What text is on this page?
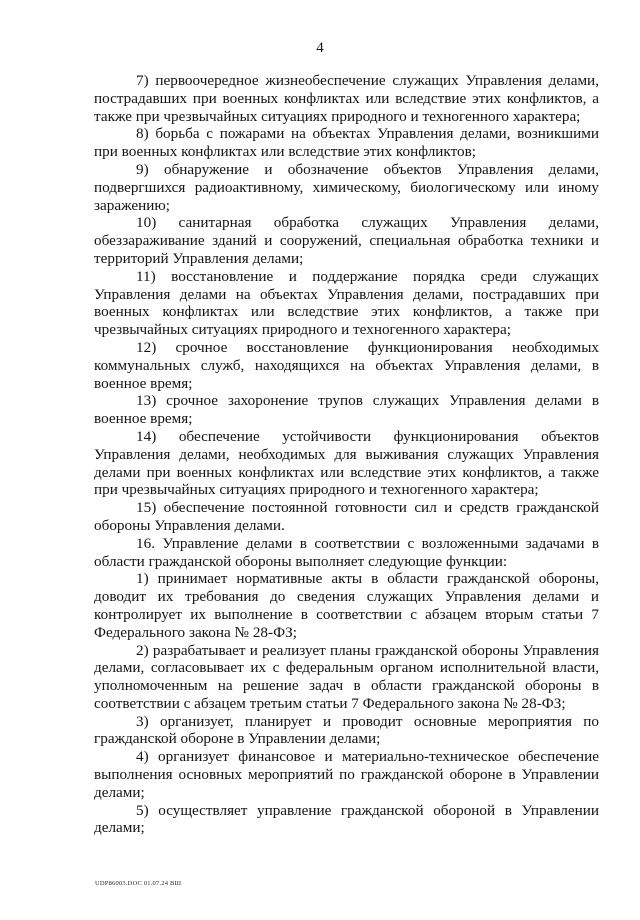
4

7) первоочередное жизнеобеспечение служащих Управления делами, пострадавших при военных конфликтах или вследствие этих конфликтов, а также при чрезвычайных ситуациях природного и техногенного характера;

8) борьба с пожарами на объектах Управления делами, возникшими при военных конфликтах или вследствие этих конфликтов;

9) обнаружение и обозначение объектов Управления делами, подвергшихся радиоактивному, химическому, биологическому или иному заражению;

10) санитарная обработка служащих Управления делами, обеззараживание зданий и сооружений, специальная обработка техники и территорий Управления делами;

11) восстановление и поддержание порядка среди служащих Управления делами на объектах Управления делами, пострадавших при военных конфликтах или вследствие этих конфликтов, а также при чрезвычайных ситуациях природного и техногенного характера;

12) срочное восстановление функционирования необходимых коммунальных служб, находящихся на объектах Управления делами, в военное время;

13) срочное захоронение трупов служащих Управления делами в военное время;

14) обеспечение устойчивости функционирования объектов Управления делами, необходимых для выживания служащих Управления делами при военных конфликтах или вследствие этих конфликтов, а также при чрезвычайных ситуациях природного и техногенного характера;

15) обеспечение постоянной готовности сил и средств гражданской обороны Управления делами.

16. Управление делами в соответствии с возложенными задачами в области гражданской обороны выполняет следующие функции:

1) принимает нормативные акты в области гражданской обороны, доводит их требования до сведения служащих Управления делами и контролирует их выполнение в соответствии с абзацем вторым статьи 7 Федерального закона № 28-ФЗ;

2) разрабатывает и реализует планы гражданской обороны Управления делами, согласовывает их с федеральным органом исполнительной власти, уполномоченным на решение задач в области гражданской обороны в соответствии с абзацем третьим статьи 7 Федерального закона № 28-ФЗ;

3) организует, планирует и проводит основные мероприятия по гражданской обороне в Управлении делами;

4) организует финансовое и материально-техническое обеспечение выполнения основных мероприятий по гражданской обороне в Управлении делами;

5) осуществляет управление гражданской обороной в Управлении делами;

UDP86003.DOC 01.07.24 ВШ
